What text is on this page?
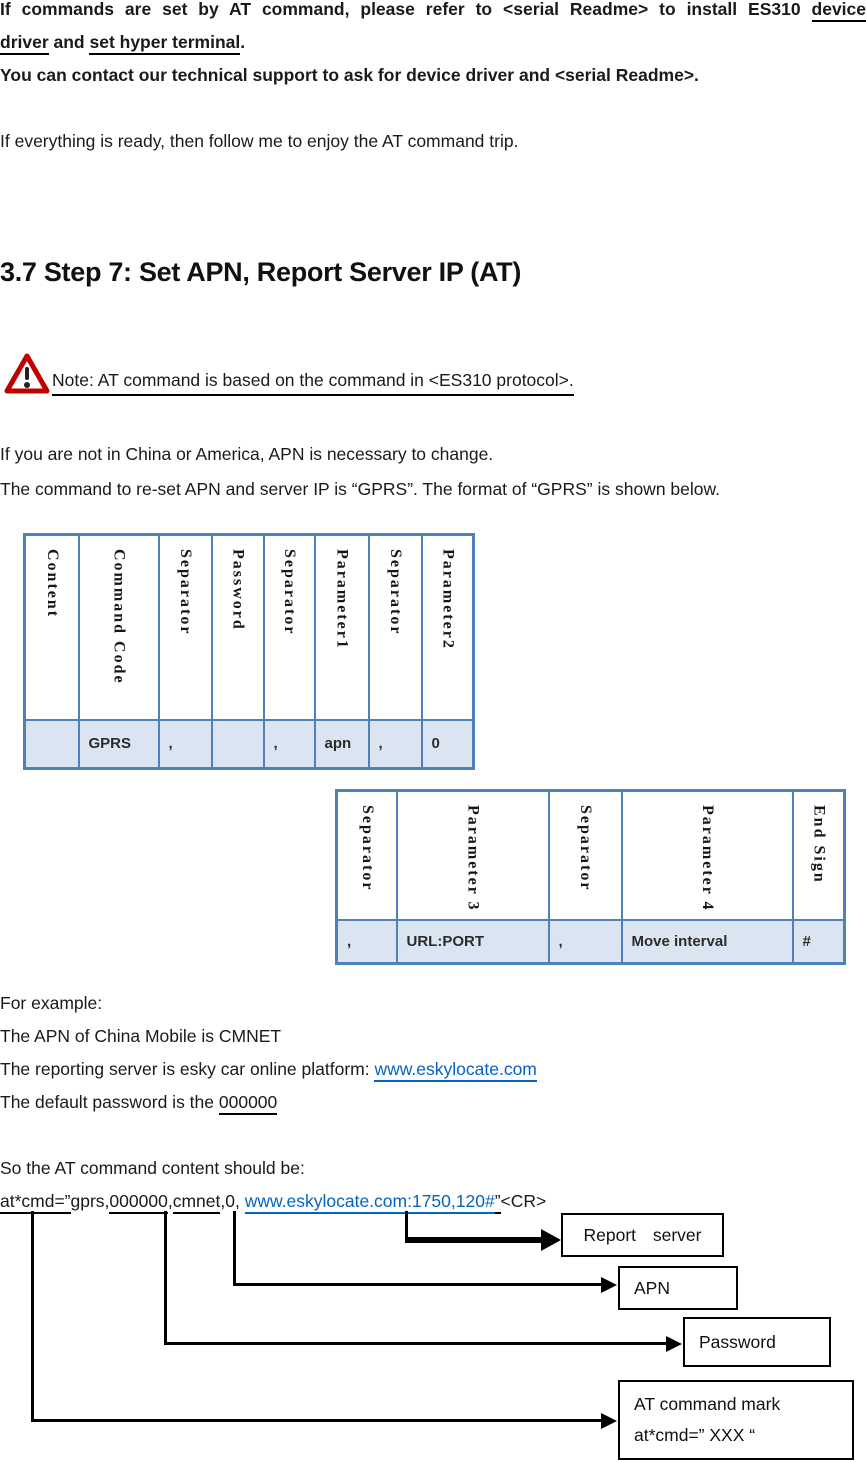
If commands are set by AT command, please refer to <serial Readme> to install ES310 device
driver and set hyper terminal.
You can contact our technical support to ask for device driver and <serial Readme>.
If everything is ready, then follow me to enjoy the AT command trip.
3.7 Step 7: Set APN, Report Server IP (AT)
Note: AT command is based on the command in <ES310 protocol>.
If you are not in China or America, APN is necessary to change.
The command to re-set APN and server IP is “GPRS”. The format of “GPRS” is shown below.
Content	Command Code	Separator	Password	Separator	Parameter1	Separator	Parameter2

	GPRS	,		,	apn	,	0
Separator	Parameter 3	Separator	Parameter 4	End Sign

,	URL:PORT	,	Move interval	#
For example:
The APN of China Mobile is CMNET
The reporting server is esky car online platform: www.eskylocate.com
The default password is the 000000
So the AT command content should be:
at*cmd=”gprs,000000,cmnet,0, www.eskylocate.com:1750,120#”<CR>
Report server
APN
Password
AT command mark
at*cmd=” XXX “
